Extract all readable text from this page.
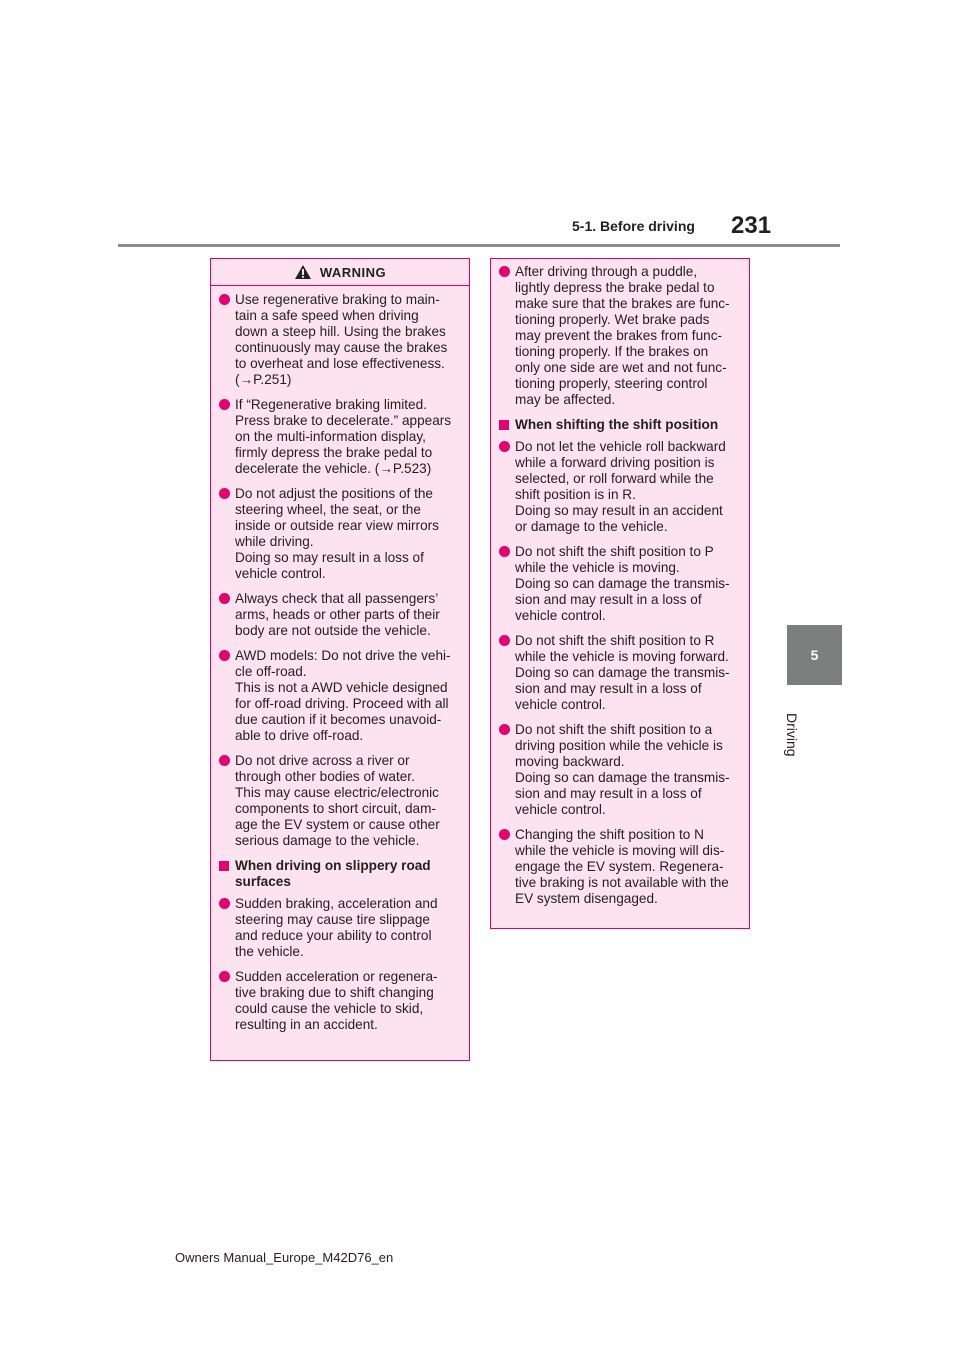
5-1. Before driving 231
5
Driving
WARNING
Use regenerative braking to main-
tain a safe speed when driving
down a steep hill. Using the brakes
continuously may cause the brakes
to overheat and lose effectiveness.
(→P.251)
If “Regenerative braking limited.
Press brake to decelerate.” appears
on the multi-information display,
firmly depress the brake pedal to
decelerate the vehicle. (→P.523)
Do not adjust the positions of the
steering wheel, the seat, or the
inside or outside rear view mirrors
while driving.
Doing so may result in a loss of
vehicle control.
Always check that all passengers’
arms, heads or other parts of their
body are not outside the vehicle.
AWD models: Do not drive the vehi-
cle off-road.
This is not a AWD vehicle designed
for off-road driving. Proceed with all
due caution if it becomes unavoid-
able to drive off-road.
Do not drive across a river or
through other bodies of water.
This may cause electric/electronic
components to short circuit, dam-
age the EV system or cause other
serious damage to the vehicle.
When driving on slippery road
surfaces
Sudden braking, acceleration and
steering may cause tire slippage
and reduce your ability to control
the vehicle.
Sudden acceleration or regenera-
tive braking due to shift changing
could cause the vehicle to skid,
resulting in an accident.
After driving through a puddle,
lightly depress the brake pedal to
make sure that the brakes are func-
tioning properly. Wet brake pads
may prevent the brakes from func-
tioning properly. If the brakes on
only one side are wet and not func-
tioning properly, steering control
may be affected.
When shifting the shift position
Do not let the vehicle roll backward
while a forward driving position is
selected, or roll forward while the
shift position is in R.
Doing so may result in an accident
or damage to the vehicle.
Do not shift the shift position to P
while the vehicle is moving.
Doing so can damage the transmis-
sion and may result in a loss of
vehicle control.
Do not shift the shift position to R
while the vehicle is moving forward.
Doing so can damage the transmis-
sion and may result in a loss of
vehicle control.
Do not shift the shift position to a
driving position while the vehicle is
moving backward.
Doing so can damage the transmis-
sion and may result in a loss of
vehicle control.
Changing the shift position to N
while the vehicle is moving will dis-
engage the EV system. Regenera-
tive braking is not available with the
EV system disengaged.
Owners Manual_Europe_M42D76_en
